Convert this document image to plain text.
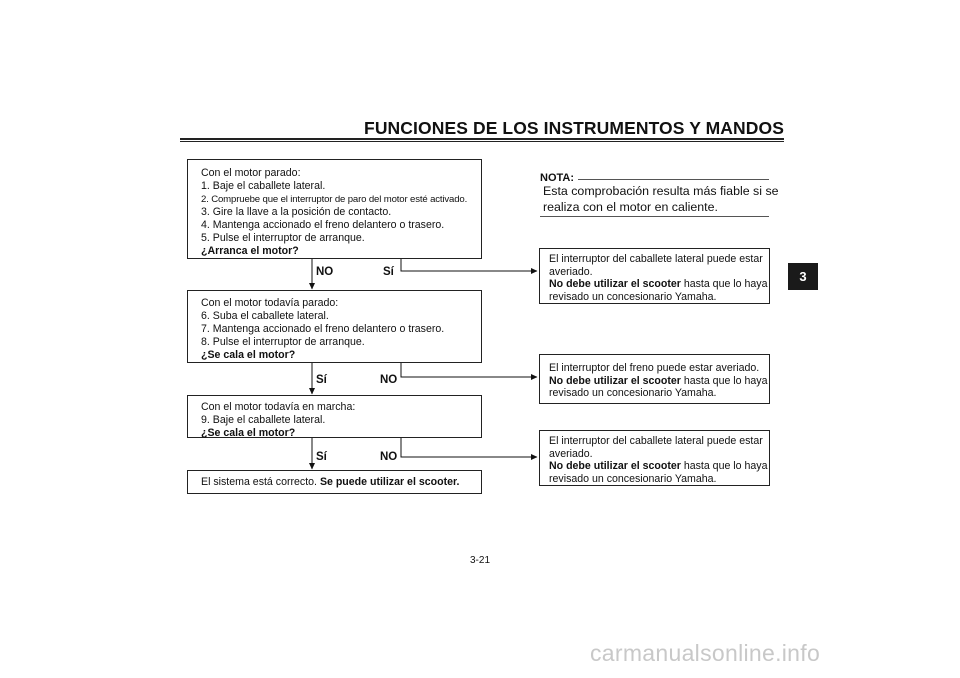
FUNCIONES DE LOS INSTRUMENTOS Y MANDOS
3
Con el motor parado:
1. Baje el caballete lateral.
2. Compruebe que el interruptor de paro del motor esté activado.
3. Gire la llave a la posición de contacto.
4. Mantenga accionado el freno delantero o trasero.
5. Pulse el interruptor de arranque.
¿Arranca el motor?
NO	Sí
Con el motor todavía parado:
6. Suba el caballete lateral.
7. Mantenga accionado el freno delantero o trasero.
8. Pulse el interruptor de arranque.
¿Se cala el motor?
Sí	NO
Con el motor todavía en marcha:
9. Baje el caballete lateral.
¿Se cala el motor?
Sí	NO
El sistema está correcto. Se puede utilizar el scooter.
NOTA:
Esta comprobación resulta más fiable si se
realiza con el motor en caliente.
El interruptor del caballete lateral puede estar
averiado.
No debe utilizar el scooter hasta que lo haya
revisado un concesionario Yamaha.
El interruptor del freno puede estar averiado.
No debe utilizar el scooter hasta que lo haya
revisado un concesionario Yamaha.
El interruptor del caballete lateral puede estar
averiado.
No debe utilizar el scooter hasta que lo haya
revisado un concesionario Yamaha.
3-21
carmanualsonline.info
